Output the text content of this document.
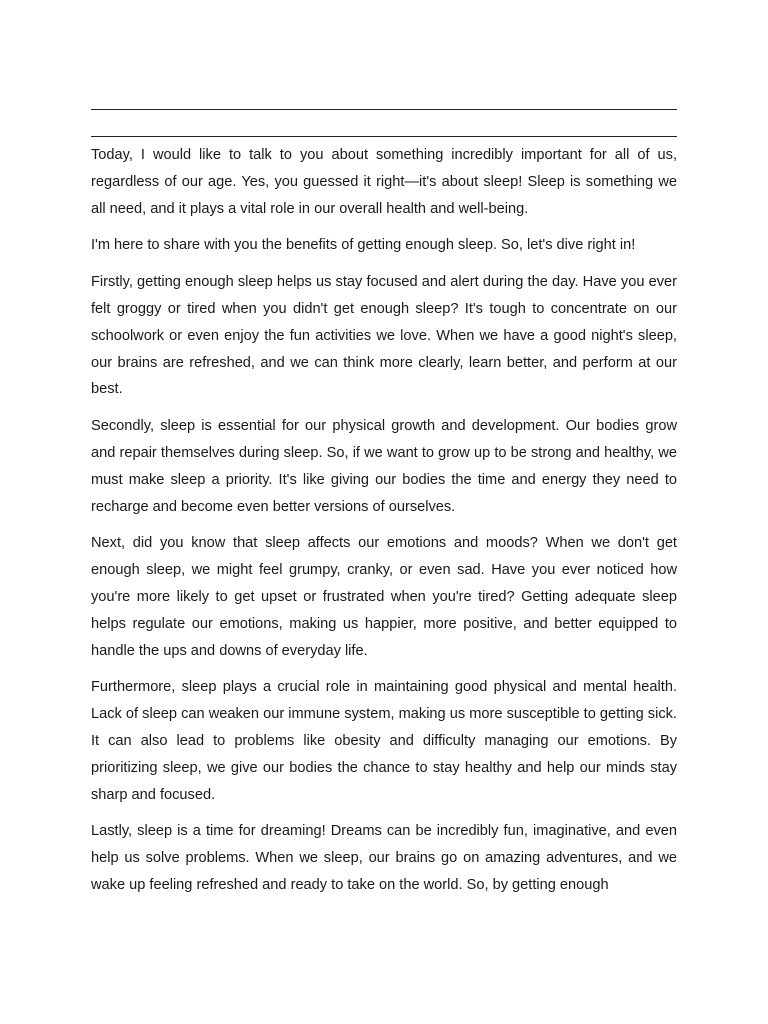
Today, I would like to talk to you about something incredibly important for all of us, regardless of our age. Yes, you guessed it right—it's about sleep! Sleep is something we all need, and it plays a vital role in our overall health and well-being.

I'm here to share with you the benefits of getting enough sleep. So, let's dive right in!

Firstly, getting enough sleep helps us stay focused and alert during the day. Have you ever felt groggy or tired when you didn't get enough sleep? It's tough to concentrate on our schoolwork or even enjoy the fun activities we love. When we have a good night's sleep, our brains are refreshed, and we can think more clearly, learn better, and perform at our best.

Secondly, sleep is essential for our physical growth and development. Our bodies grow and repair themselves during sleep. So, if we want to grow up to be strong and healthy, we must make sleep a priority. It's like giving our bodies the time and energy they need to recharge and become even better versions of ourselves.

Next, did you know that sleep affects our emotions and moods? When we don't get enough sleep, we might feel grumpy, cranky, or even sad. Have you ever noticed how you're more likely to get upset or frustrated when you're tired? Getting adequate sleep helps regulate our emotions, making us happier, more positive, and better equipped to handle the ups and downs of everyday life.

Furthermore, sleep plays a crucial role in maintaining good physical and mental health. Lack of sleep can weaken our immune system, making us more susceptible to getting sick. It can also lead to problems like obesity and difficulty managing our emotions. By prioritizing sleep, we give our bodies the chance to stay healthy and help our minds stay sharp and focused.

Lastly, sleep is a time for dreaming! Dreams can be incredibly fun, imaginative, and even help us solve problems. When we sleep, our brains go on amazing adventures, and we wake up feeling refreshed and ready to take on the world. So, by getting enough
